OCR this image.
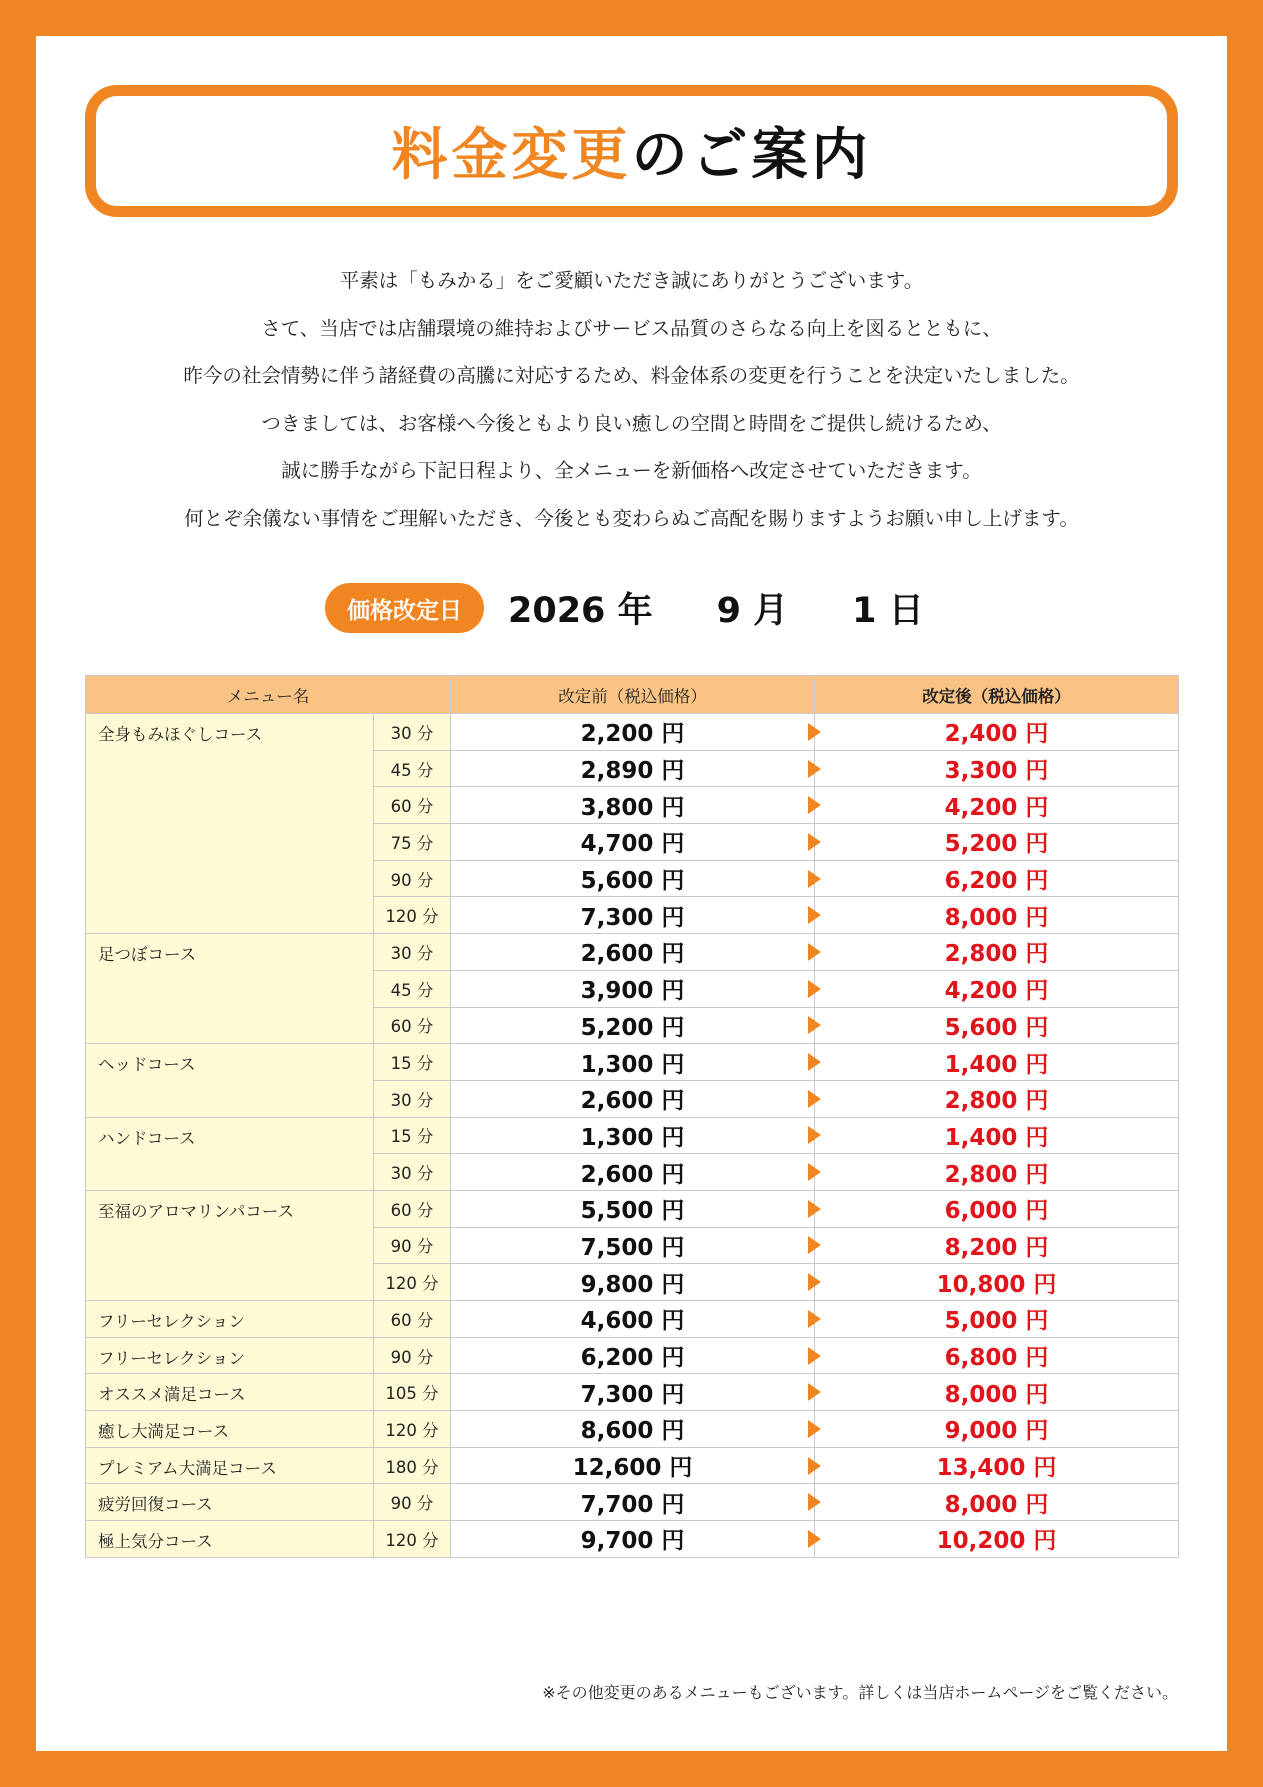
料金変更のご案内

平素は「もみかる」をご愛顧いただき誠にありがとうございます。

さて、当店では店舗環境の維持およびサービス品質のさらなる向上を図るとともに、

昨今の社会情勢に伴う諸経費の高騰に対応するため、料金体系の変更を行うことを決定いたしました。

つきましては、お客様へ今後ともより良い癒しの空間と時間をご提供し続けるため、

誠に勝手ながら下記日程より、全メニューを新価格へ改定させていただきます。

何とぞ余儀ない事情をご理解いただき、今後とも変わらぬご高配を賜りますようお願い申し上げます。

価格改定日	2026 年 9 月 1 日
メニュー名		改定前（税込価格）	改定後（税込価格）
全身もみほぐしコース	30 分	2,200 円	2,400 円
	45 分	2,890 円	3,300 円
	60 分	3,800 円	4,200 円
	75 分	4,700 円	5,200 円
	90 分	5,600 円	6,200 円
	120 分	7,300 円	8,000 円
足つぼコース	30 分	2,600 円	2,800 円
	45 分	3,900 円	4,200 円
	60 分	5,200 円	5,600 円
ヘッドコース	15 分	1,300 円	1,400 円
	30 分	2,600 円	2,800 円
ハンドコース	15 分	1,300 円	1,400 円
	30 分	2,600 円	2,800 円
至福のアロマリンパコース	60 分	5,500 円	6,000 円
	90 分	7,500 円	8,200 円
	120 分	9,800 円	10,800 円
フリーセレクション	60 分	4,600 円	5,000 円
フリーセレクション	90 分	6,200 円	6,800 円
オススメ満足コース	105 分	7,300 円	8,000 円
癒し大満足コース	120 分	8,600 円	9,000 円
プレミアム大満足コース	180 分	12,600 円	13,400 円
疲労回復コース	90 分	7,700 円	8,000 円
極上気分コース	120 分	9,700 円	10,200 円
※その他変更のあるメニューもございます。詳しくは当店ホームページをご覧ください。
